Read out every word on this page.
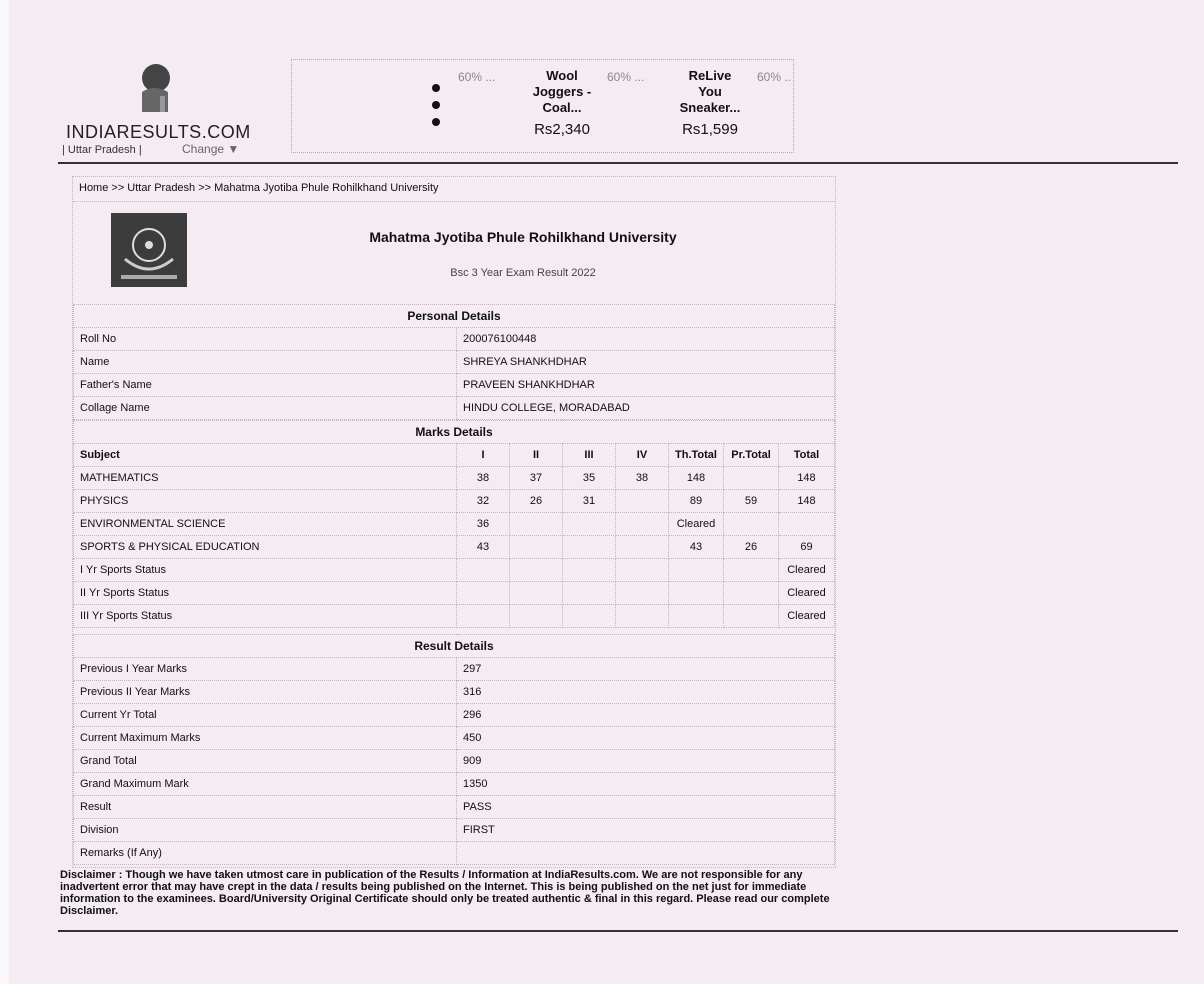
INDIARESULTS.COM
| Uttar Pradesh |	Change ▼
60% ...	Wool
Joggers -
Coal...
Rs2,340
60% ...	ReLive
You
Sneaker...
Rs1,599
60% ..
Home >> Uttar Pradesh >> Mahatma Jyotiba Phule Rohilkhand University
Mahatma Jyotiba Phule Rohilkhand University
Bsc 3 Year Exam Result 2022
Personal Details	
Roll No	200076100448
Name	SHREYA SHANKHDHAR
Father's Name	PRAVEEN SHANKHDHAR
Collage Name	HINDU COLLEGE, MORADABAD
Marks Details							
Subject	I	II	III	IV	Th.Total	Pr.Total	Total
MATHEMATICS	38	37	35	38	148		148
PHYSICS	32	26	31		89	59	148
ENVIRONMENTAL SCIENCE	36				Cleared		
SPORTS & PHYSICAL EDUCATION	43				43	26	69
I Yr Sports Status							Cleared
II Yr Sports Status							Cleared
III Yr Sports Status							Cleared
Result Details	
Previous I Year Marks	297
Previous II Year Marks	316
Current Yr Total	296
Current Maximum Marks	450
Grand Total	909
Grand Maximum Mark	1350
Result	PASS
Division	FIRST
Remarks (If Any)	
Disclaimer : Though we have taken utmost care in publication of the Results / Information at IndiaResults.com. We are not responsible for any inadvertent error that may have crept in the data / results being published on the Internet. This is being published on the net just for immediate information to the examinees. Board/University Original Certificate should only be treated authentic & final in this regard. Please read our complete Disclaimer.
